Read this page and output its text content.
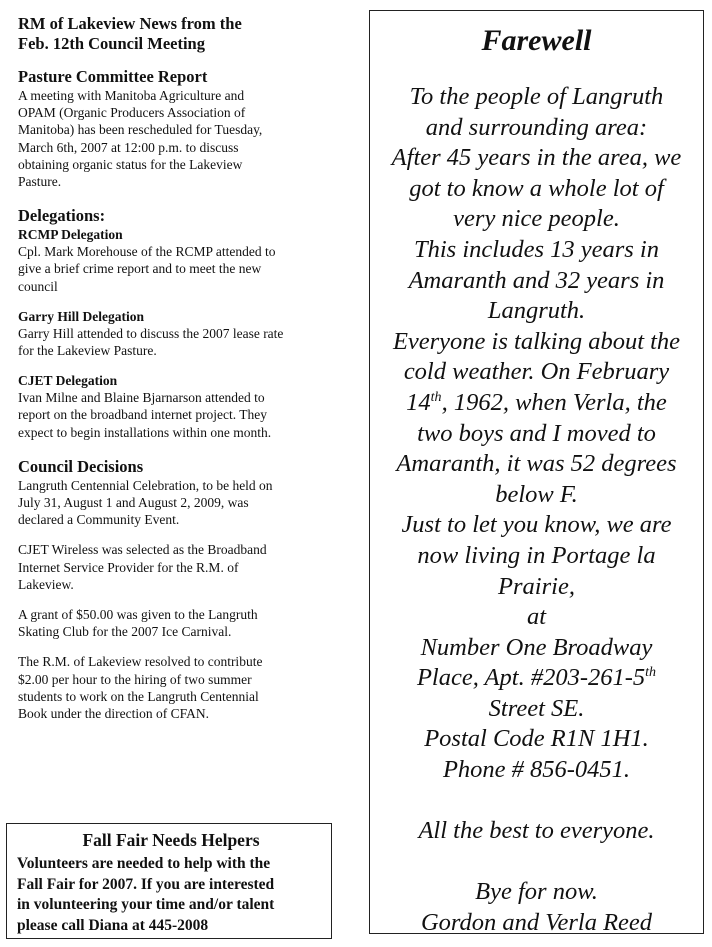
RM of Lakeview News from the
Feb. 12th Council Meeting
Pasture Committee Report
A meeting with Manitoba Agriculture and
OPAM (Organic Producers Association of
Manitoba) has been rescheduled for Tuesday,
March 6th, 2007 at 12:00 p.m. to discuss
obtaining organic status for the Lakeview
Pasture.
Delegations:
RCMP Delegation
Cpl. Mark Morehouse of the RCMP attended to
give a brief crime report and to meet the new
council
Garry Hill Delegation
Garry Hill attended to discuss the 2007 lease rate
for the Lakeview Pasture.
CJET Delegation
Ivan Milne and Blaine Bjarnarson attended to
report on the broadband internet project. They
expect to begin installations within one month.
Council Decisions
Langruth Centennial Celebration, to be held on
July 31, August 1 and August 2, 2009, was
declared a Community Event.
CJET Wireless was selected as the Broadband
Internet Service Provider for the R.M. of
Lakeview.
A grant of $50.00 was given to the Langruth
Skating Club for the 2007 Ice Carnival.
The R.M. of Lakeview resolved to contribute
$2.00 per hour to the hiring of two summer
students to work on the Langruth Centennial
Book under the direction of CFAN.
Fall Fair Needs Helpers
Volunteers are needed to help with the
Fall Fair for 2007. If you are interested
in volunteering your time and/or talent
please call Diana at 445-2008
Farewell
To the people of Langruth
and surrounding area:
After 45 years in the area, we
got to know a whole lot of
very nice people.
This includes 13 years in
Amaranth and 32 years in
Langruth.
Everyone is talking about the
cold weather. On February
14th, 1962, when Verla, the
two boys and I moved to
Amaranth, it was 52 degrees
below F.
Just to let you know, we are
now living in Portage la
Prairie,
at
Number One Broadway
Place, Apt. #203-261-5th
Street SE.
Postal Code R1N 1H1.
Phone # 856-0451.
All the best to everyone.
Bye for now.
Gordon and Verla Reed
